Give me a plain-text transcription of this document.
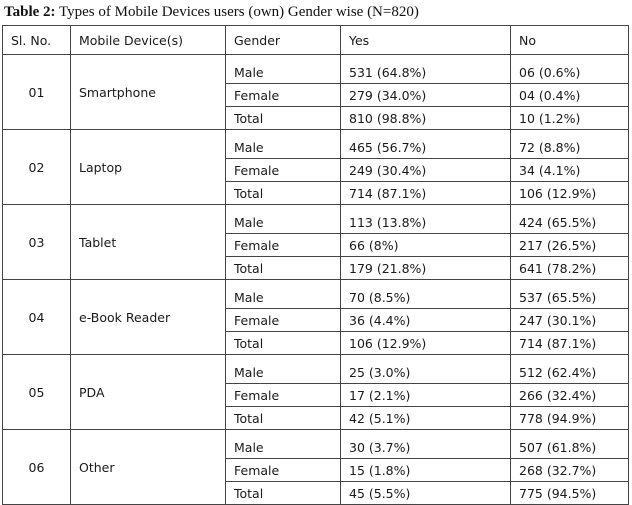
Table 2: Types of Mobile Devices users (own) Gender wise (N=820)
Sl. No.	Mobile Device(s)	Gender	Yes	No
01	Smartphone	Male	531 (64.8%)	06 (0.6%)
		Female	279 (34.0%)	04 (0.4%)
		Total	810 (98.8%)	10 (1.2%)
02	Laptop	Male	465 (56.7%)	72 (8.8%)
		Female	249 (30.4%)	34 (4.1%)
		Total	714 (87.1%)	106 (12.9%)
03	Tablet	Male	113 (13.8%)	424 (65.5%)
		Female	66 (8%)	217 (26.5%)
		Total	179 (21.8%)	641 (78.2%)
04	e-Book Reader	Male	70 (8.5%)	537 (65.5%)
		Female	36 (4.4%)	247 (30.1%)
		Total	106 (12.9%)	714 (87.1%)
05	PDA	Male	25 (3.0%)	512 (62.4%)
		Female	17 (2.1%)	266 (32.4%)
		Total	42 (5.1%)	778 (94.9%)
06	Other	Male	30 (3.7%)	507 (61.8%)
		Female	15 (1.8%)	268 (32.7%)
		Total	45 (5.5%)	775 (94.5%)
